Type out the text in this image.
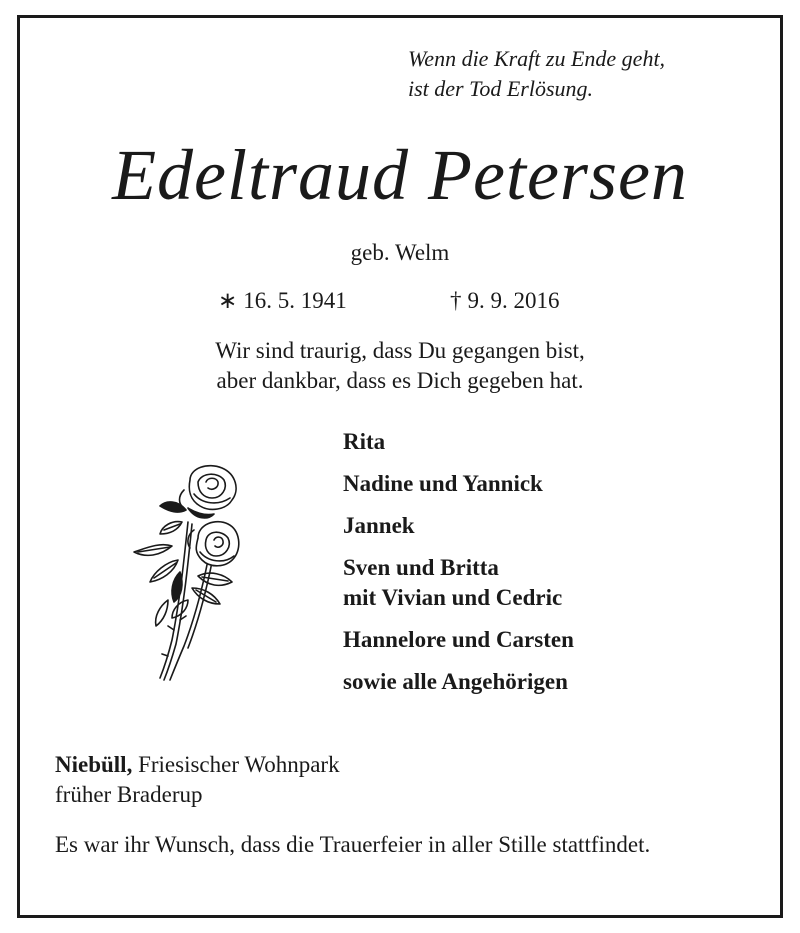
Wenn die Kraft zu Ende geht,
ist der Tod Erlösung.
Edeltraud Petersen
geb. Welm
∗ 16. 5. 1941	† 9. 9. 2016
Wir sind traurig, dass Du gegangen bist,
aber dankbar, dass es Dich gegeben hat.
Rita
Nadine und Yannick
Jannek
Sven und Britta
mit Vivian und Cedric
Hannelore und Carsten
sowie alle Angehörigen
Niebüll, Friesischer Wohnpark
früher Braderup
Es war ihr Wunsch, dass die Trauerfeier in aller Stille stattfindet.
